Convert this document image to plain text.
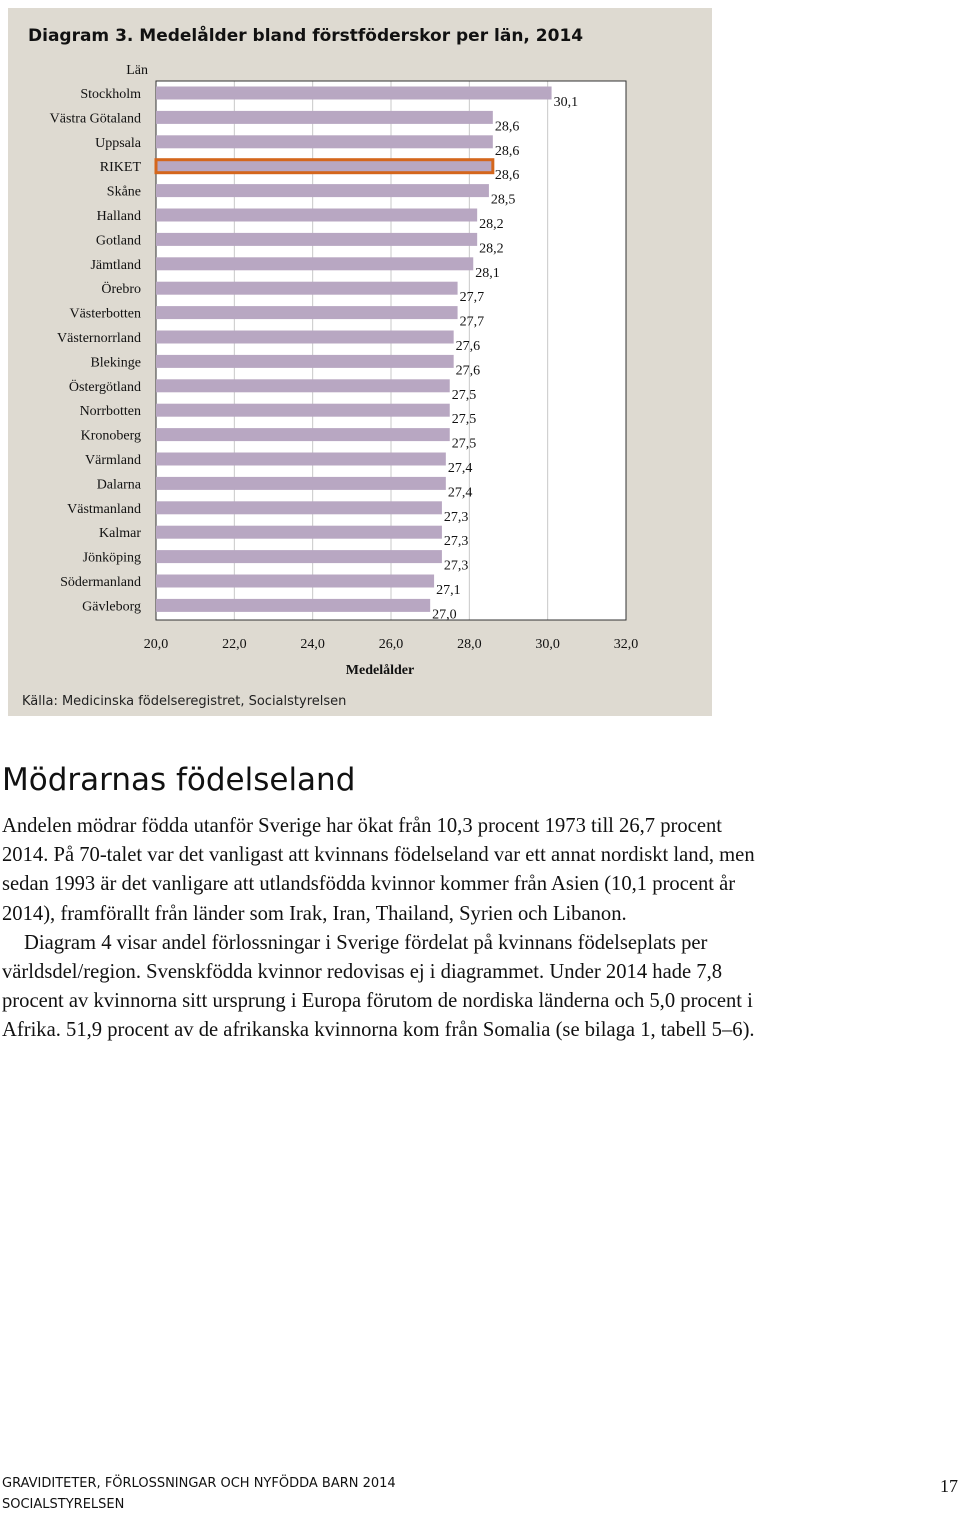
Diagram 3. Medelålder bland förstföderskor per län, 2014
20,0	22,0	24,0	26,0	28,0	30,0	32,0
Län
Stockholm
30,1
Västra Götaland
28,6
Uppsala
28,6
RIKET
28,6
Skåne
28,5
Halland
28,2
Gotland
28,2
Jämtland
28,1
Örebro
27,7
Västerbotten
27,7
Västernorrland
27,6
Blekinge
27,6
Östergötland
27,5
Norrbotten
27,5
Kronoberg
27,5
Värmland
27,4
Dalarna
27,4
Västmanland
27,3
Kalmar
27,3
Jönköping
27,3
Södermanland
27,1
Gävleborg
27,0
Medelålder
Källa: Medicinska födelseregistret, Socialstyrelsen
Mödrarnas födelseland

Andelen mödrar födda utanför Sverige har ökat från 10,3 procent 1973 till 26,7 procent 2014. På 70-talet var det vanligast att kvinnans födelseland var ett annat nordiskt land, men sedan 1993 är det vanligare att utlandsfödda kvinnor kommer från Asien (10,1 procent år 2014), framförallt från länder som Irak, Iran, Thailand, Syrien och Libanon.

Diagram 4 visar andel förlossningar i Sverige fördelat på kvinnans födelseplats per världsdel/region. Svenskfödda kvinnor redovisas ej i diagrammet. Under 2014 hade 7,8 procent av kvinnorna sitt ursprung i Europa förutom de nordiska länderna och 5,0 procent i Afrika. 51,9 procent av de afrikanska kvinnorna kom från Somalia (se bilaga 1, tabell 5–6).

GRAVIDITETER, FÖRLOSSNINGAR OCH NYFÖDDA BARN 2014
SOCIALSTYRELSEN
17
